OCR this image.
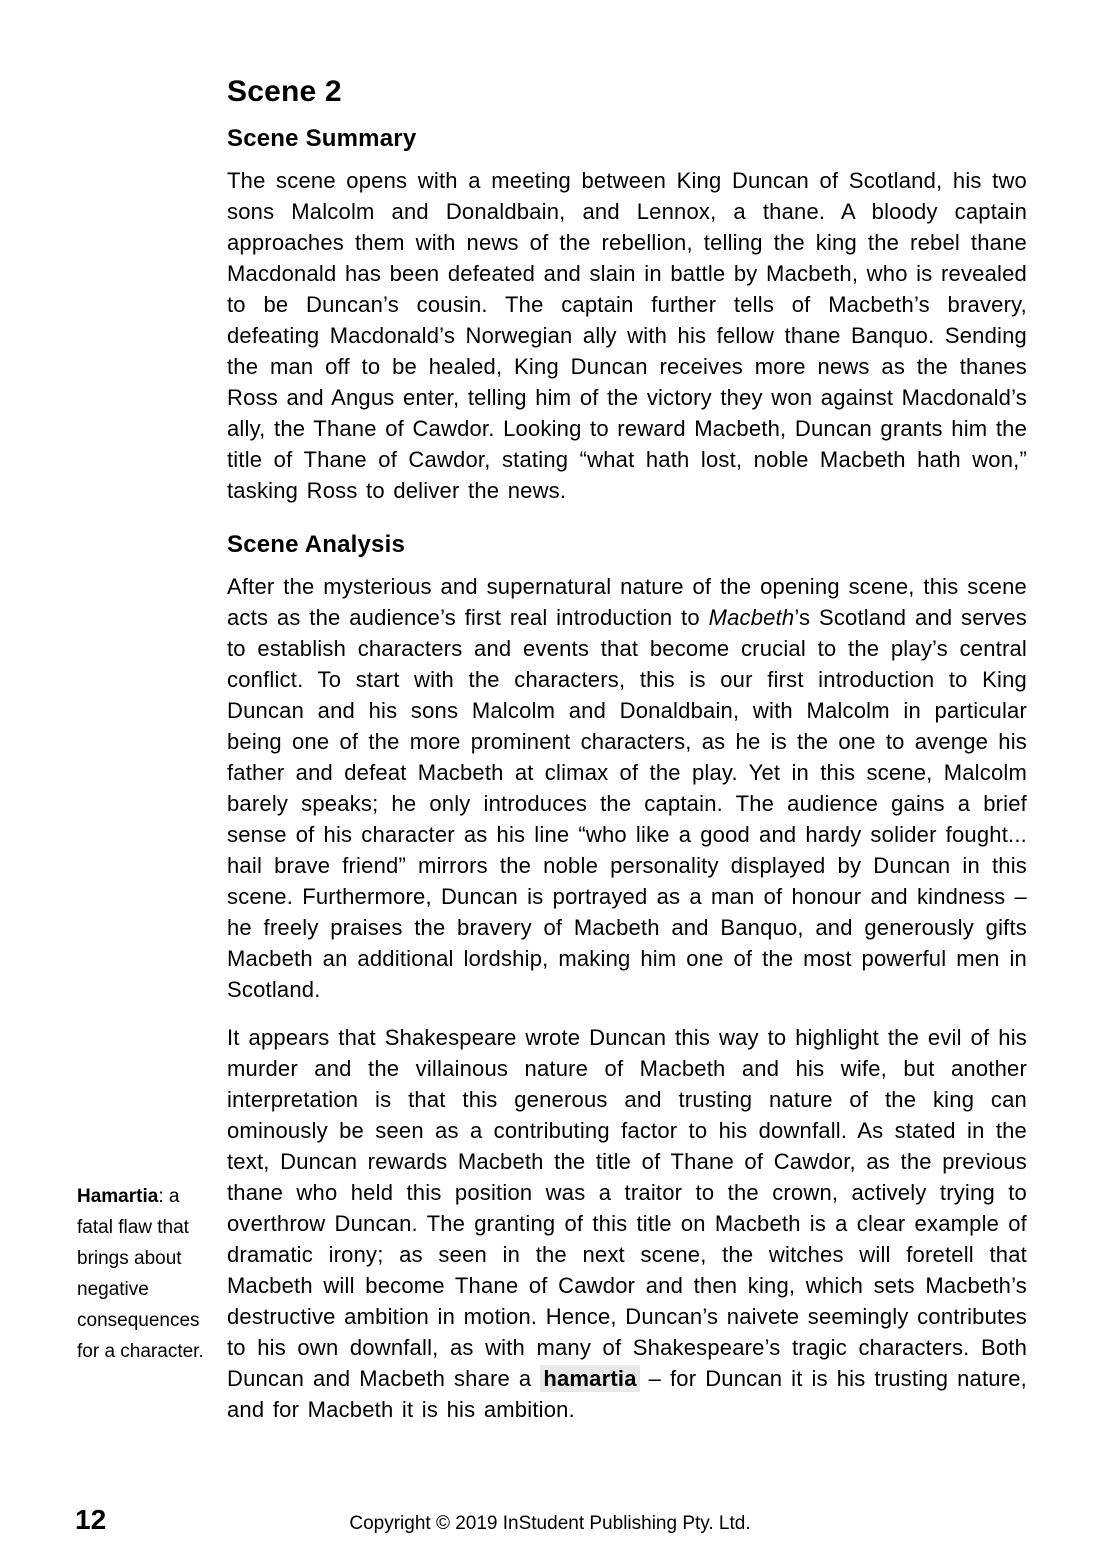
Scene 2
Scene Summary

The scene opens with a meeting between King Duncan of Scotland, his two sons Malcolm and Donaldbain, and Lennox, a thane. A bloody captain approaches them with news of the rebellion, telling the king the rebel thane Macdonald has been defeated and slain in battle by Macbeth, who is revealed to be Duncan’s cousin. The captain further tells of Macbeth’s bravery, defeating Macdonald’s Norwegian ally with his fellow thane Banquo. Sending the man off to be healed, King Duncan receives more news as the thanes Ross and Angus enter, telling him of the victory they won against Macdonald’s ally, the Thane of Cawdor. Looking to reward Macbeth, Duncan grants him the title of Thane of Cawdor, stating “what hath lost, noble Macbeth hath won,” tasking Ross to deliver the news.

Scene Analysis

After the mysterious and supernatural nature of the opening scene, this scene acts as the audience’s first real introduction to Macbeth’s Scotland and serves to establish characters and events that become crucial to the play’s central conflict. To start with the characters, this is our first introduction to King Duncan and his sons Malcolm and Donaldbain, with Malcolm in particular being one of the more prominent characters, as he is the one to avenge his father and defeat Macbeth at climax of the play. Yet in this scene, Malcolm barely speaks; he only introduces the captain. The audience gains a brief sense of his character as his line “who like a good and hardy solider fought... hail brave friend” mirrors the noble personality displayed by Duncan in this scene. Furthermore, Duncan is portrayed as a man of honour and kindness – he freely praises the bravery of Macbeth and Banquo, and generously gifts Macbeth an additional lordship, making him one of the most powerful men in Scotland.

It appears that Shakespeare wrote Duncan this way to highlight the evil of his murder and the villainous nature of Macbeth and his wife, but another interpretation is that this generous and trusting nature of the king can ominously be seen as a contributing factor to his downfall. As stated in the text, Duncan rewards Macbeth the title of Thane of Cawdor, as the previous thane who held this position was a traitor to the crown, actively trying to overthrow Duncan. The granting of this title on Macbeth is a clear example of dramatic irony; as seen in the next scene, the witches will foretell that Macbeth will become Thane of Cawdor and then king, which sets Macbeth’s destructive ambition in motion. Hence, Duncan’s naivete seemingly contributes to his own downfall, as with many of Shakespeare’s tragic characters. Both Duncan and Macbeth share a hamartia – for Duncan it is his trusting nature, and for Macbeth it is his ambition.

Hamartia: a fatal flaw that brings about negative consequences for a character.
12	Copyright © 2019 InStudent Publishing Pty. Ltd.
